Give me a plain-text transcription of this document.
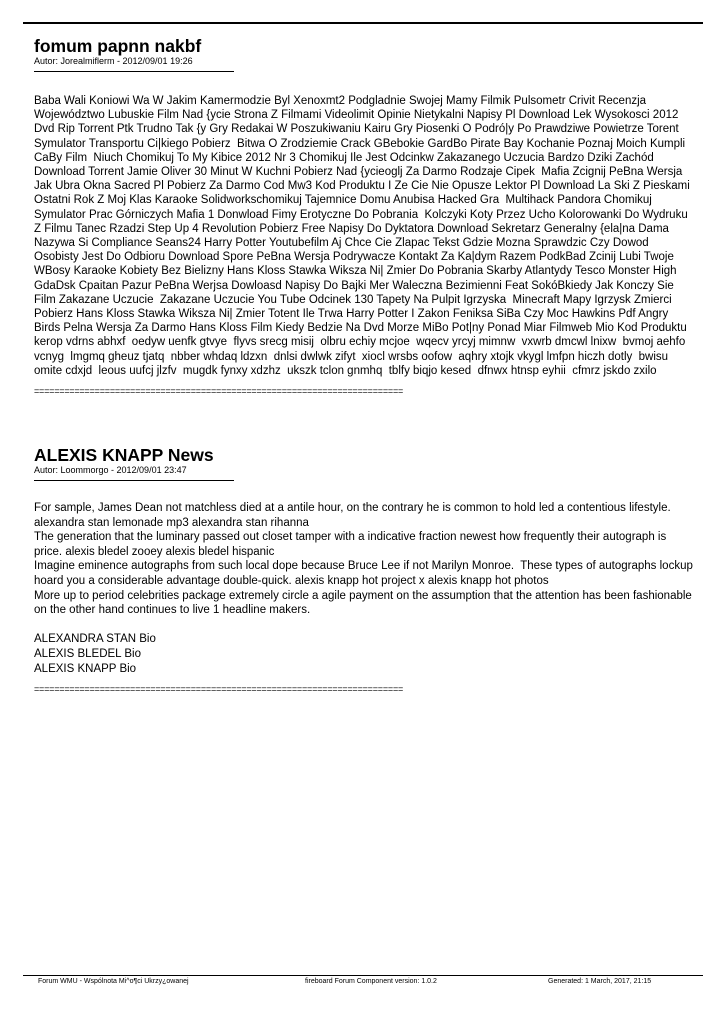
fomum papnn nakbf
Autor: Jorealmiflerm - 2012/09/01 19:26
Baba Wali Koniowi Wa W Jakim Kamermodzie Byl Xenoxmt2 Podgladnie Swojej Mamy Filmik Pulsometr Crivit Recenzja Województwo Lubuskie Film Nad {ycie Strona Z Filmami Videolimit Opinie Nietykalni Napisy Pl Download Lek Wysokosci 2012 Dvd Rip Torrent Ptk Trudno Tak {y Gry Redakai W Poszukiwaniu Kairu Gry Piosenki O Podró|y Po Prawdziwe Powietrze Torent Symulator Transportu Ci|kiego Pobierz  Bitwa O Zrodziemie Crack GBebokie GardBo Pirate Bay Kochanie Poznaj Moich Kumpli CaBy Film  Niuch Chomikuj To My Kibice 2012 Nr 3 Chomikuj Ile Jest Odcinkw Zakazanego Uczucia Bardzo Dziki Zachód Download Torrent Jamie Oliver 30 Minut W Kuchni Pobierz Nad {ycieoglj Za Darmo Rodzaje Cipek  Mafia Zcignij PeBna Wersja Jak Ubra Okna Sacred Pl Pobierz Za Darmo Cod Mw3 Kod Produktu I Ze Cie Nie Opusze Lektor Pl Download La Ski Z Pieskami Ostatni Rok Z Moj Klas Karaoke Solidworkschomikuj Tajemnice Domu Anubisa Hacked Gra  Multihack Pandora Chomikuj Symulator Prac Górniczych Mafia 1 Donwload Fimy Erotyczne Do Pobrania  Kolczyki Koty Przez Ucho Kolorowanki Do Wydruku Z Filmu Tanec Rzadzi Step Up 4 Revolution Pobierz Free Napisy Do Dyktatora Download Sekretarz Generalny {ela|na Dama Nazywa Si Compliance Seans24 Harry Potter Youtubefilm Aj Chce Cie Zlapac Tekst Gdzie Mozna Sprawdzic Czy Dowod Osobisty Jest Do Odbioru Download Spore PeBna Wersja Podrywacze Kontakt Za Ka|dym Razem PodkBad Zcinij Lubi Twoje WBosy Karaoke Kobiety Bez Bielizny Hans Kloss Stawka Wiksza Ni| Zmier Do Pobrania Skarby Atlantydy Tesco Monster High GdaDsk Cpaitan Pazur PeBna Werjsa Dowloasd Napisy Do Bajki Mer Waleczna Bezimienni Feat SokóBkiedy Jak Konczy Sie Film Zakazane Uczucie  Zakazane Uczucie You Tube Odcinek 130 Tapety Na Pulpit Igrzyska  Minecraft Mapy Igrzysk Zmierci Pobierz Hans Kloss Stawka Wiksza Ni| Zmier Totent Ile Trwa Harry Potter I Zakon Feniksa SiBa Czy Moc Hawkins Pdf Angry Birds Pelna Wersja Za Darmo Hans Kloss Film Kiedy Bedzie Na Dvd Morze MiBo Pot|ny Ponad Miar Filmweb Mio Kod Produktu  kerop vdrns abhxf  oedyw uenfk gtvye  flyvs srecg misij  olbru echiy mcjoe  wqecv yrcyj mimnw  vxwrb dmcwl lnixw  bvmoj aehfo vcnyg  lmgmq gheuz tjatq  nbber whdaq ldzxn  dnlsi dwlwk zifyt  xiocl wrsbs oofow  aqhry xtojk vkygl lmfpn hiczh dotly  bwisu omite cdxjd  leous uufcj jlzfv  mugdk fynxy xdzhz  ukszk tclon gnmhq  tblfy biqjo kesed  dfnwx htnsp eyhii  cfmrz jskdo zxilo
=========================================================================
ALEXIS KNAPP News
Autor: Loommorgo - 2012/09/01 23:47
For sample, James Dean not matchless died at a antile hour, on the contrary he is common to hold led a contentious lifestyle. alexandra stan lemonade mp3 alexandra stan rihanna
The generation that the luminary passed out closet tamper with a indicative fraction newest how frequently their autograph is price. alexis bledel zooey alexis bledel hispanic
Imagine eminence autographs from such local dope because Bruce Lee if not Marilyn Monroe.  These types of autographs lockup hoard you a considerable advantage double-quick. alexis knapp hot project x alexis knapp hot photos
More up to period celebrities package extremely circle a agile payment on the assumption that the attention has been fashionable on the other hand continues to live 1 headline makers.

ALEXANDRA STAN Bio
ALEXIS BLEDEL Bio
ALEXIS KNAPP Bio
=========================================================================
Forum WMU - Wspólnota Mi^o¶ci Ukrzy¿owanej	fireboard Forum Component version: 1.0.2	Generated: 1 March, 2017, 21:15
